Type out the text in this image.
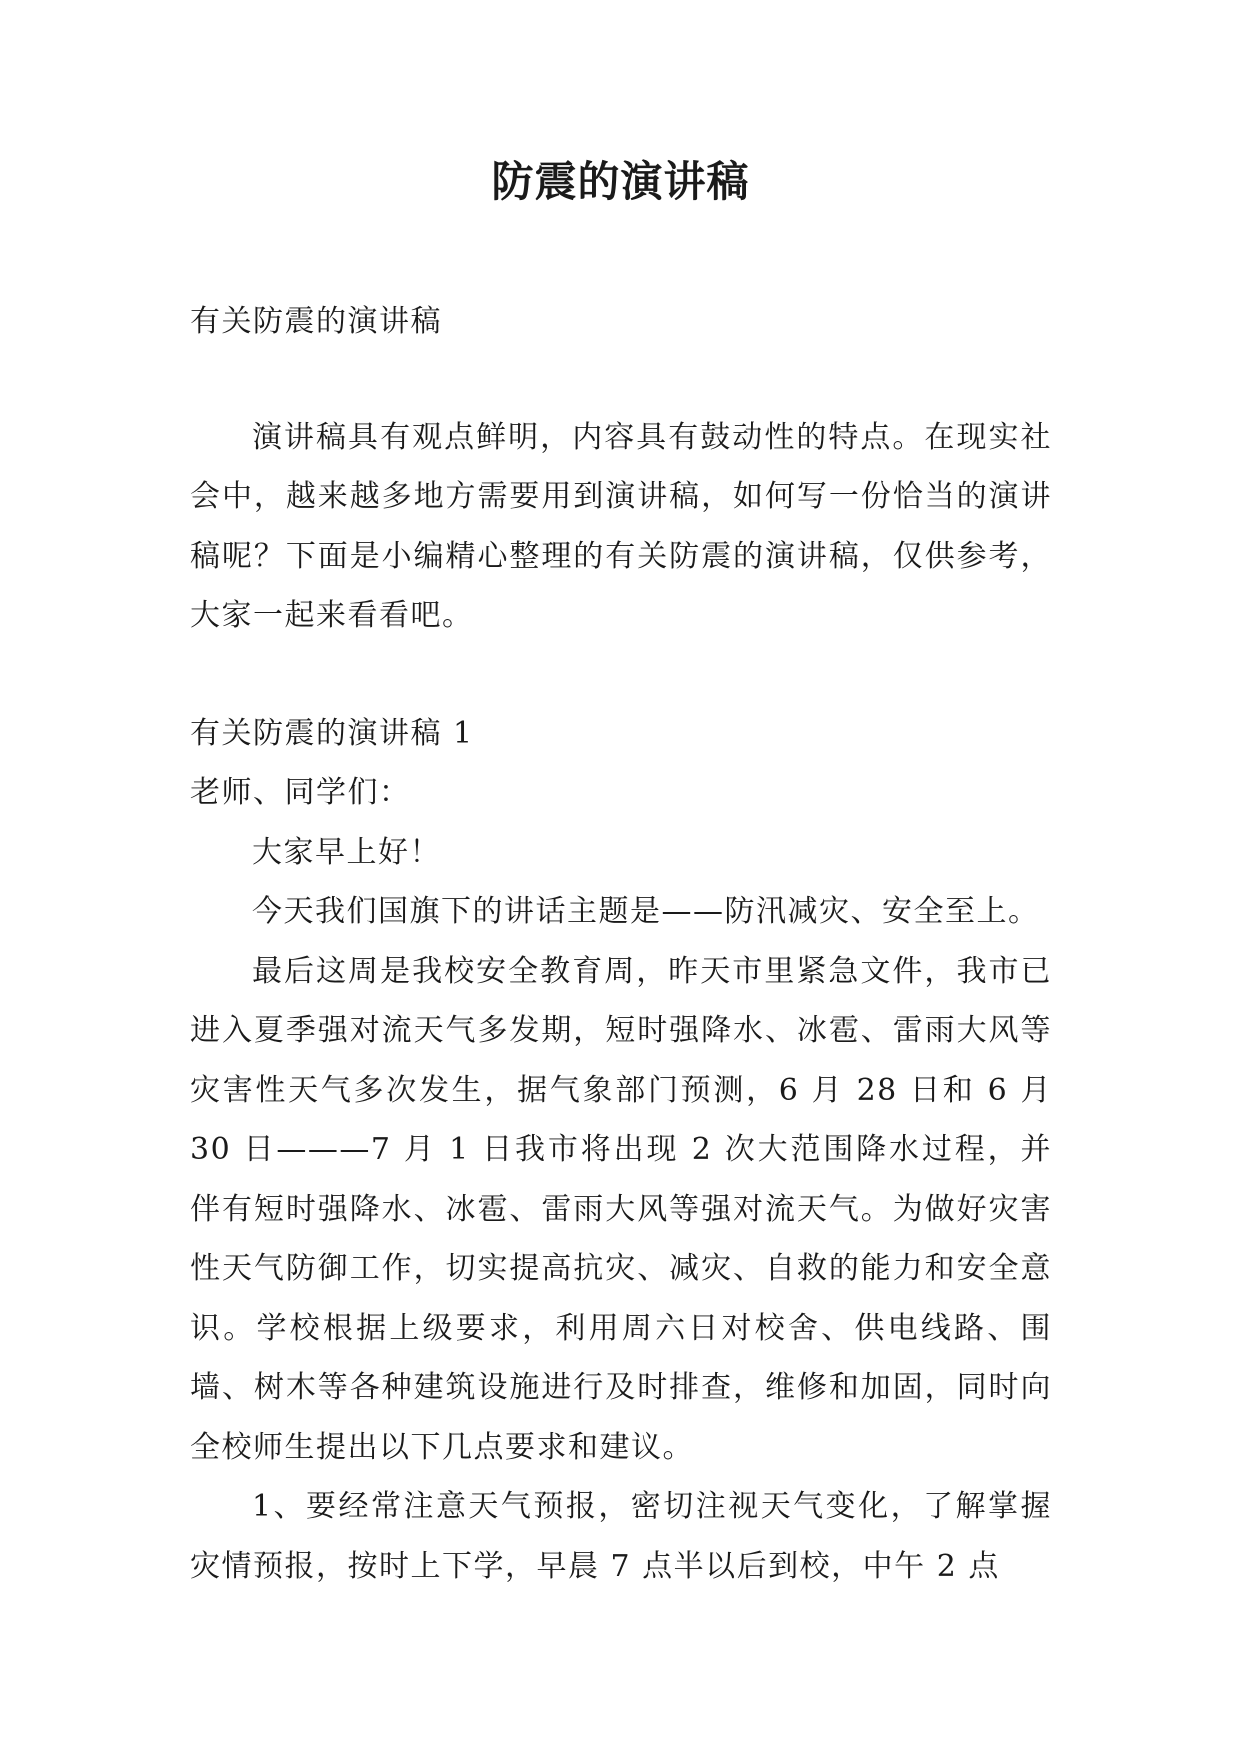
防震的演讲稿

有关防震的演讲稿

演讲稿具有观点鲜明，内容具有鼓动性的特点。在现实社会中，越来越多地方需要用到演讲稿，如何写一份恰当的演讲稿呢？下面是小编精心整理的有关防震的演讲稿，仅供参考，大家一起来看看吧。

有关防震的演讲稿 1

老师、同学们：

大家早上好！

今天我们国旗下的讲话主题是——防汛减灾、安全至上。

最后这周是我校安全教育周，昨天市里紧急文件，我市已进入夏季强对流天气多发期，短时强降水、冰雹、雷雨大风等灾害性天气多次发生，据气象部门预测，6 月 28 日和 6 月 30 日———7 月 1 日我市将出现 2 次大范围降水过程，并伴有短时强降水、冰雹、雷雨大风等强对流天气。为做好灾害性天气防御工作，切实提高抗灾、减灾、自救的能力和安全意识。学校根据上级要求，利用周六日对校舍、供电线路、围墙、树木等各种建筑设施进行及时排查，维修和加固，同时向全校师生提出以下几点要求和建议。

1、要经常注意天气预报，密切注视天气变化，了解掌握灾情预报，按时上下学，早晨 7 点半以后到校，中午 2 点
